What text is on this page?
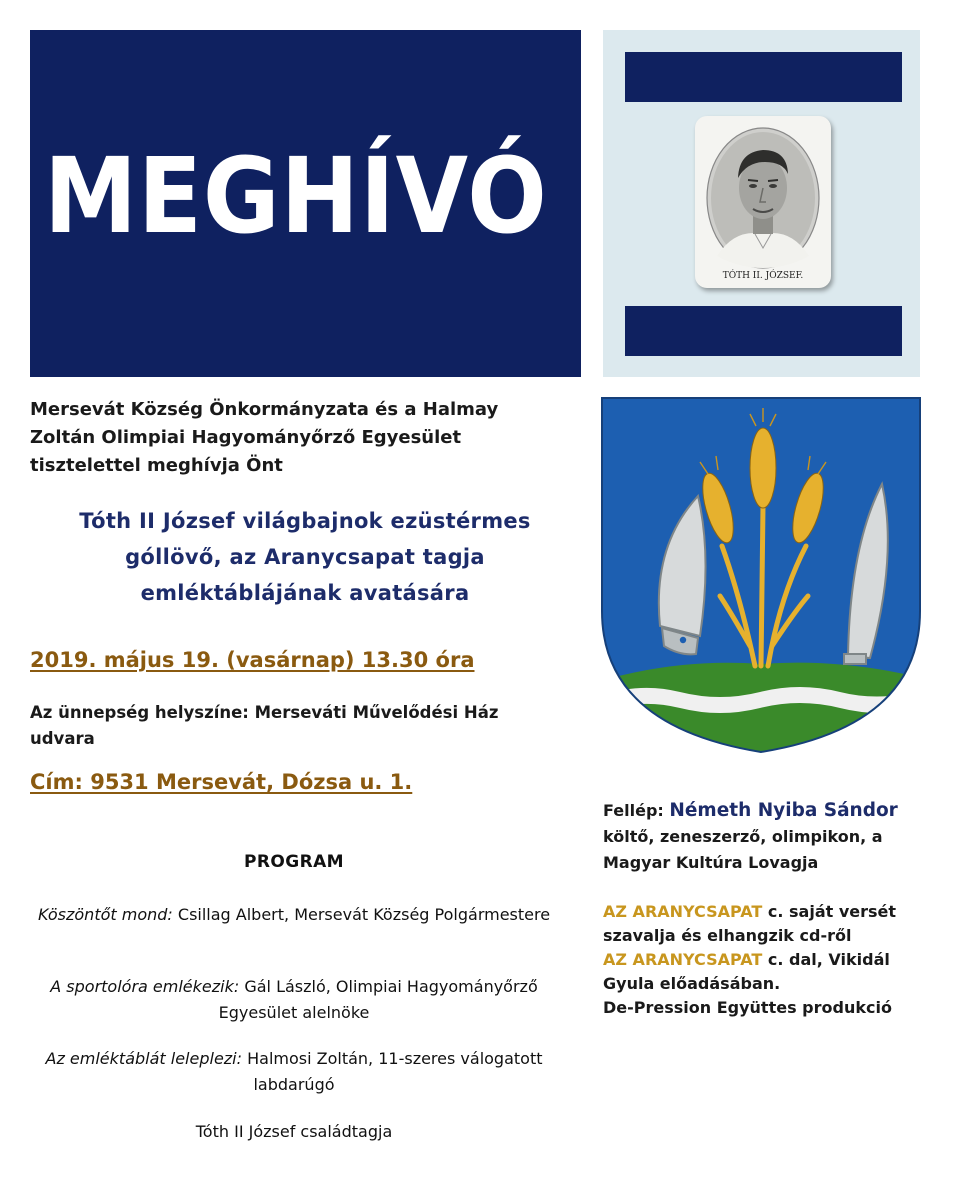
MEGHÍVÓ
TÓTH II. JÓZSEF.
Mersevát Község Önkormányzata és a Halmay
Zoltán Olimpiai Hagyományőrző Egyesület
tisztelettel meghívja Önt
Tóth II József világbajnok ezüstérmes
góllövő, az Aranycsapat tagja
emléktáblájának avatására
2019. május 19. (vasárnap) 13.30 óra
Az ünnepség helyszíne: Merseváti Művelődési Ház udvara
Cím: 9531 Mersevát, Dózsa u. 1.
PROGRAM
Köszöntőt mond: Csillag Albert, Mersevát Község Polgármestere
A sportolóra emlékezik: Gál László, Olimpiai Hagyományőrző Egyesület alelnöke
Az emléktáblát leleplezi: Halmosi Zoltán, 11-szeres válogatott labdarúgó
Tóth II József családtagja
Fellép: Németh Nyiba Sándor
költő, zeneszerző, olimpikon, a Magyar Kultúra Lovagja
AZ ARANYCSAPAT c. saját versét szavalja és elhangzik cd-ről
AZ ARANYCSAPAT c. dal, Vikidál Gyula előadásában.
De-Pression Együttes produkció
